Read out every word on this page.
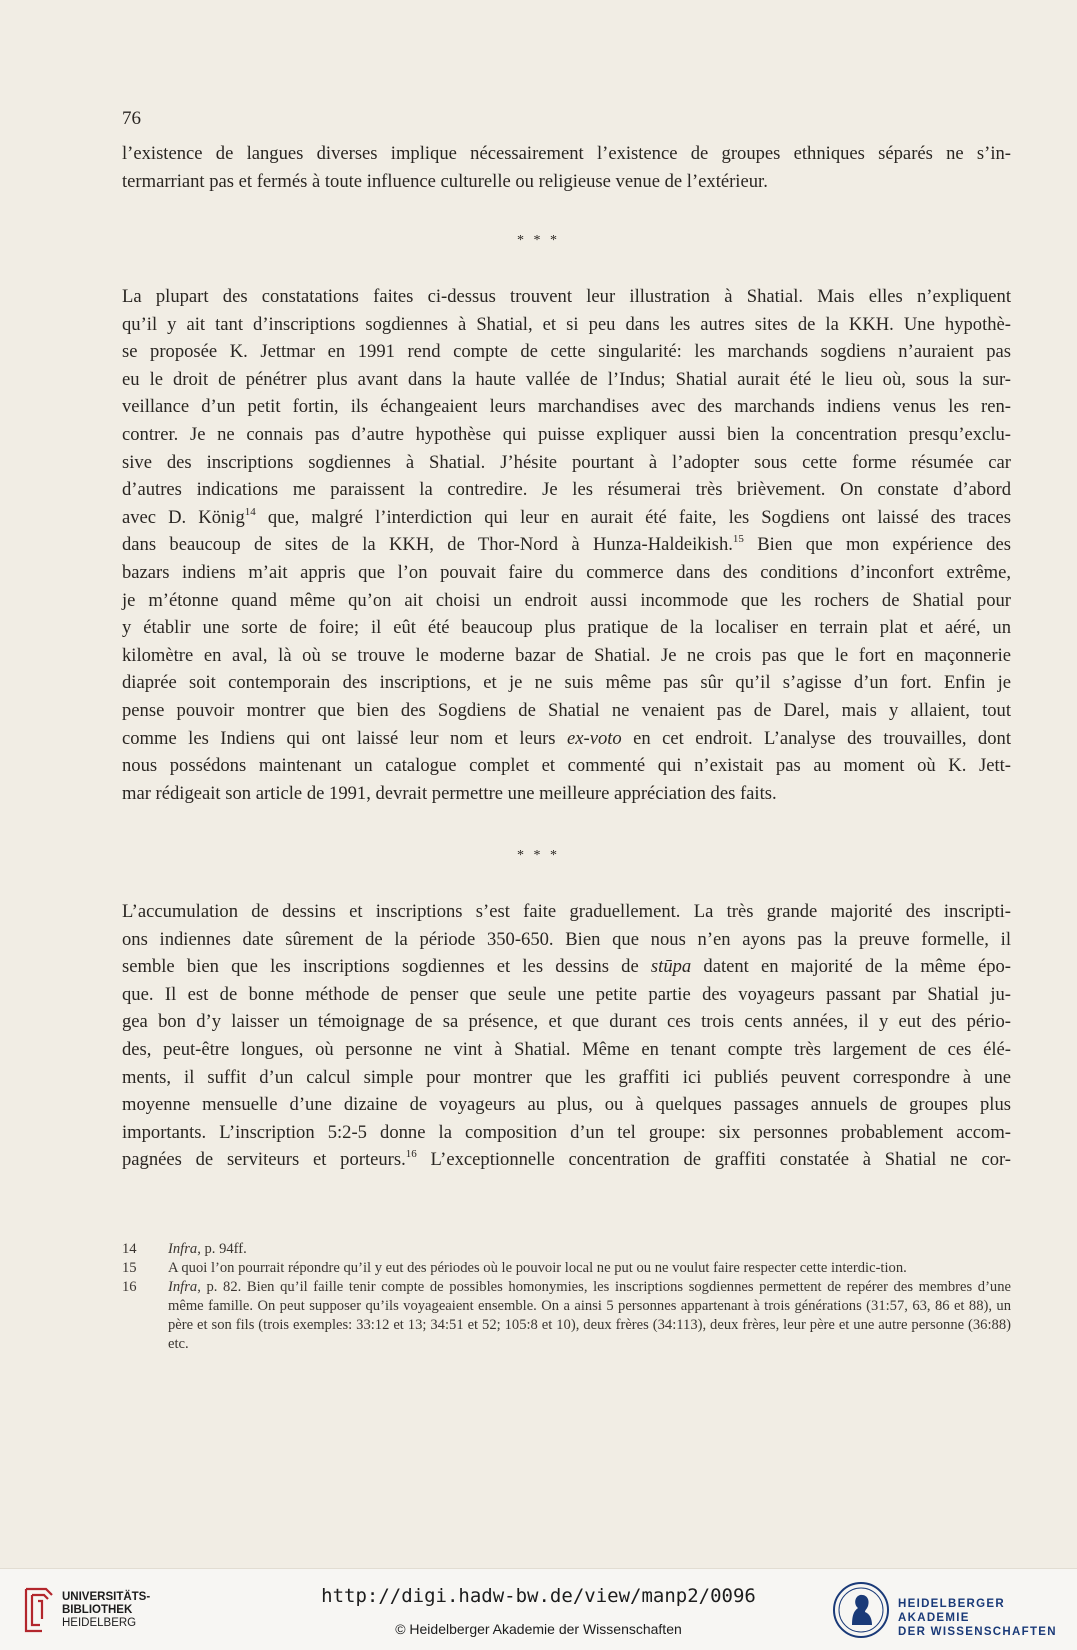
76
l’existence de langues diverses implique nécessairement l’existence de groupes ethniques séparés ne s’in-
termarriant pas et fermés à toute influence culturelle ou religieuse venue de l’extérieur.
* * *
La plupart des constatations faites ci-dessus trouvent leur illustration à Shatial. Mais elles n’expliquent
qu’il y ait tant d’inscriptions sogdiennes à Shatial, et si peu dans les autres sites de la KKH. Une hypothè-
se proposée K. Jettmar en 1991 rend compte de cette singularité: les marchands sogdiens n’auraient pas
eu le droit de pénétrer plus avant dans la haute vallée de l’Indus; Shatial aurait été le lieu où, sous la sur-
veillance d’un petit fortin, ils échangeaient leurs marchandises avec des marchands indiens venus les ren-
contrer. Je ne connais pas d’autre hypothèse qui puisse expliquer aussi bien la concentration presqu’exclu-
sive des inscriptions sogdiennes à Shatial. J’hésite pourtant à l’adopter sous cette forme résumée car
d’autres indications me paraissent la contredire. Je les résumerai très brièvement. On constate d’abord
avec D. König$^{14}$ que, malgré l’interdiction qui leur en aurait été faite, les Sogdiens ont laissé des traces
dans beaucoup de sites de la KKH, de Thor-Nord à Hunza-Haldeikish.$^{15}$ Bien que mon expérience des
bazars indiens m’ait appris que l’on pouvait faire du commerce dans des conditions d’inconfort extrême,
je m’étonne quand même qu’on ait choisi un endroit aussi incommode que les rochers de Shatial pour
y établir une sorte de foire; il eût été beaucoup plus pratique de la localiser en terrain plat et aéré, un
kilomètre en aval, là où se trouve le moderne bazar de Shatial. Je ne crois pas que le fort en maçonnerie
diaprée soit contemporain des inscriptions, et je ne suis même pas sûr qu’il s’agisse d’un fort. Enfin je
pense pouvoir montrer que bien des Sogdiens de Shatial ne venaient pas de Darel, mais y allaient, tout
comme les Indiens qui ont laissé leur nom et leurs ex-voto en cet endroit. L’analyse des trouvailles, dont
nous possédons maintenant un catalogue complet et commenté qui n’existait pas au moment où K. Jett-
mar rédigeait son article de 1991, devrait permettre une meilleure appréciation des faits.
* * *
L’accumulation de dessins et inscriptions s’est faite graduellement. La très grande majorité des inscripti-
ons indiennes date sûrement de la période 350-650. Bien que nous n’en ayons pas la preuve formelle, il
semble bien que les inscriptions sogdiennes et les dessins de stūpa datent en majorité de la même épo-
que. Il est de bonne méthode de penser que seule une petite partie des voyageurs passant par Shatial ju-
gea bon d’y laisser un témoignage de sa présence, et que durant ces trois cents années, il y eut des pério-
des, peut-être longues, où personne ne vint à Shatial. Même en tenant compte très largement de ces élé-
ments, il suffit d’un calcul simple pour montrer que les graffiti ici publiés peuvent correspondre à une
moyenne mensuelle d’une dizaine de voyageurs au plus, ou à quelques passages annuels de groupes plus
importants. L’inscription 5:2-5 donne la composition d’un tel groupe: six personnes probablement accom-
pagnées de serviteurs et porteurs.$^{16}$ L’exceptionnelle concentration de graffiti constatée à Shatial ne cor-
14	Infra, p. 94ff.
15	A quoi l’on pourrait répondre qu’il y eut des périodes où le pouvoir local ne put ou ne voulut faire respecter cette interdic-tion.
16	Infra, p. 82. Bien qu’il faille tenir compte de possibles homonymies, les inscriptions sogdiennes permettent de repérer des membres d’une même famille. On peut supposer qu’ils voyageaient ensemble. On a ainsi 5 personnes appartenant à trois générations (31:57, 63, 86 et 88), un père et son fils (trois exemples: 33:12 et 13; 34:51 et 52; 105:8 et 10), deux frères (34:113), deux frères, leur père et une autre personne (36:88) etc.
UNIVERSITÄTS-
BIBLIOTHEK
HEIDELBERG
http://digi.hadw-bw.de/view/manp2/0096
© Heidelberger Akademie der Wissenschaften
HEIDELBERGER AKADEMIE
DER WISSENSCHAFTEN
